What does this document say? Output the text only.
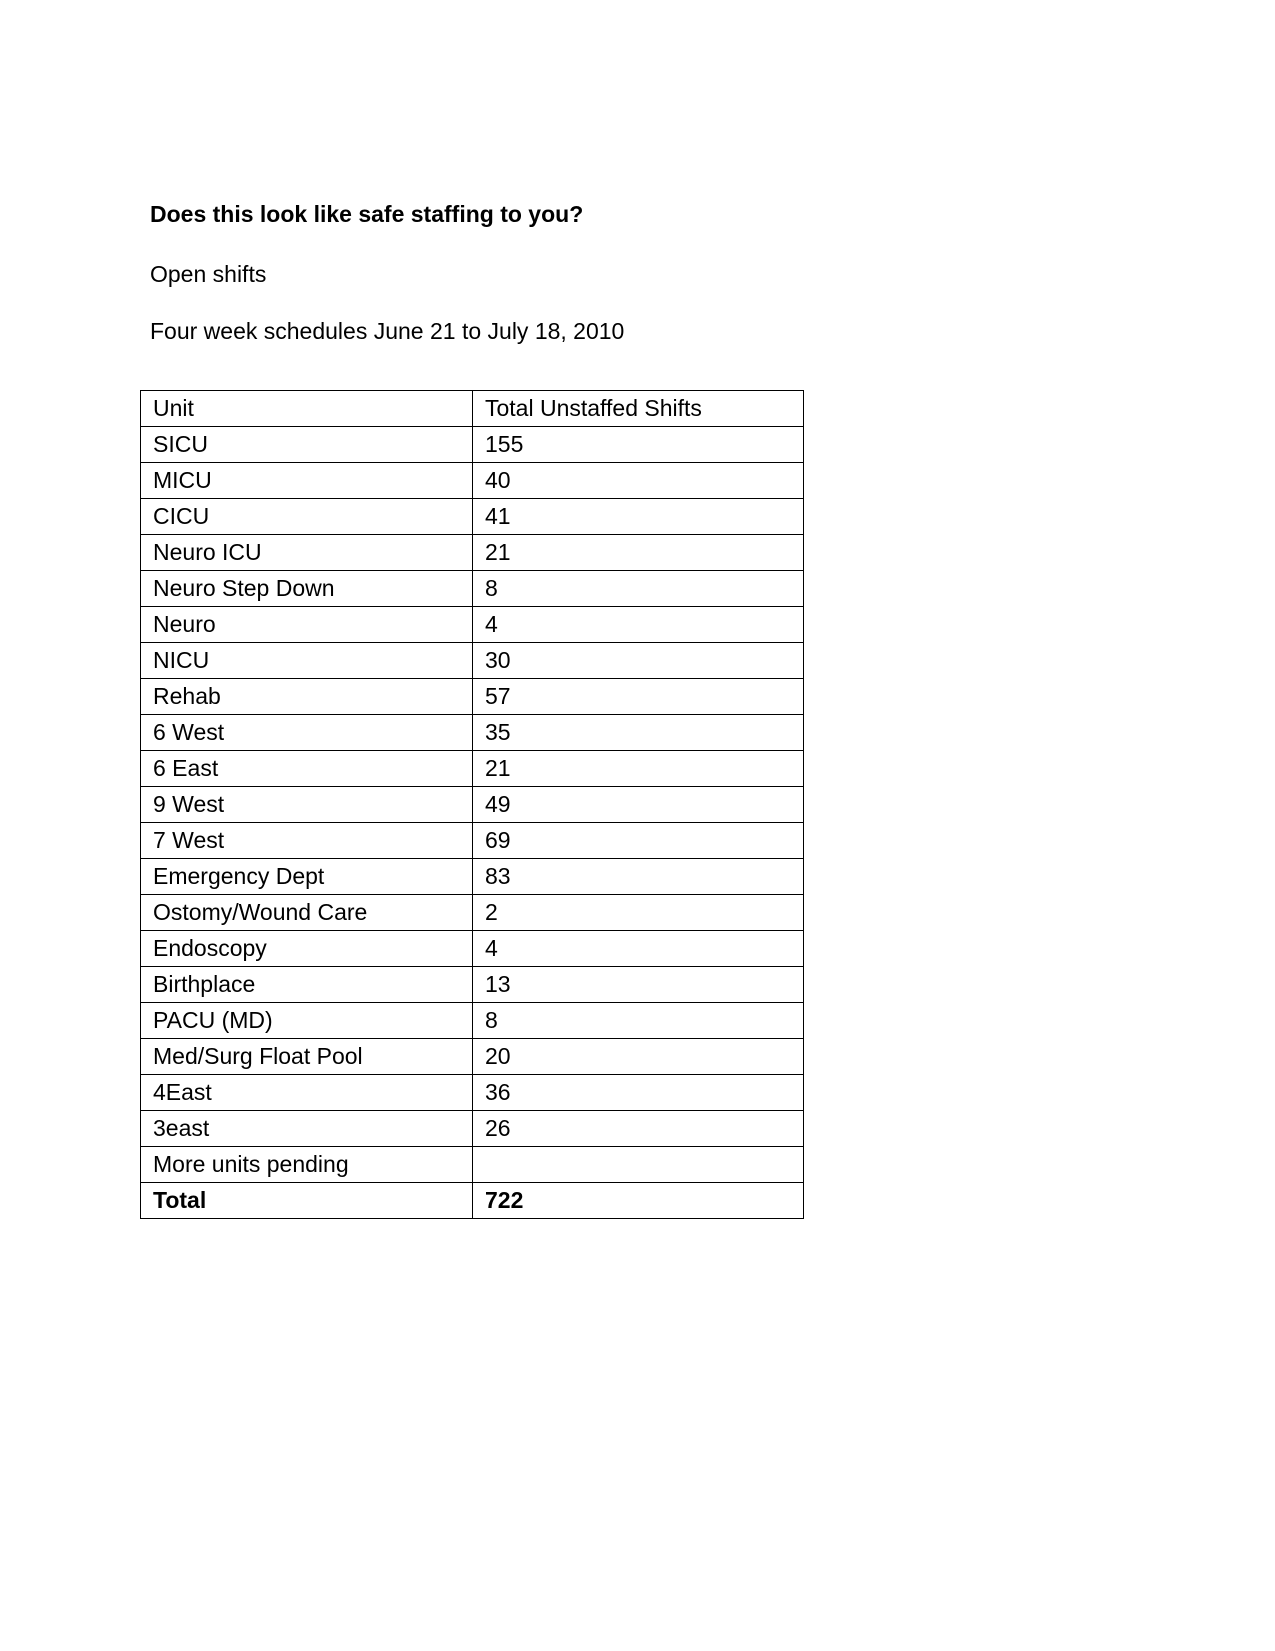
Does this look like safe staffing to you?

Open shifts

Four week schedules June 21 to July 18, 2010

Unit	Total Unstaffed Shifts
SICU	155
MICU	40
CICU	41
Neuro ICU	21
Neuro Step Down	8
Neuro	4
NICU	30
Rehab	57
6 West	35
6 East	21
9 West	49
7 West	69
Emergency Dept	83
Ostomy/Wound Care	2
Endoscopy	4
Birthplace	13
PACU (MD)	8
Med/Surg Float Pool	20
4East	36
3east	26
More units pending	
Total	722
